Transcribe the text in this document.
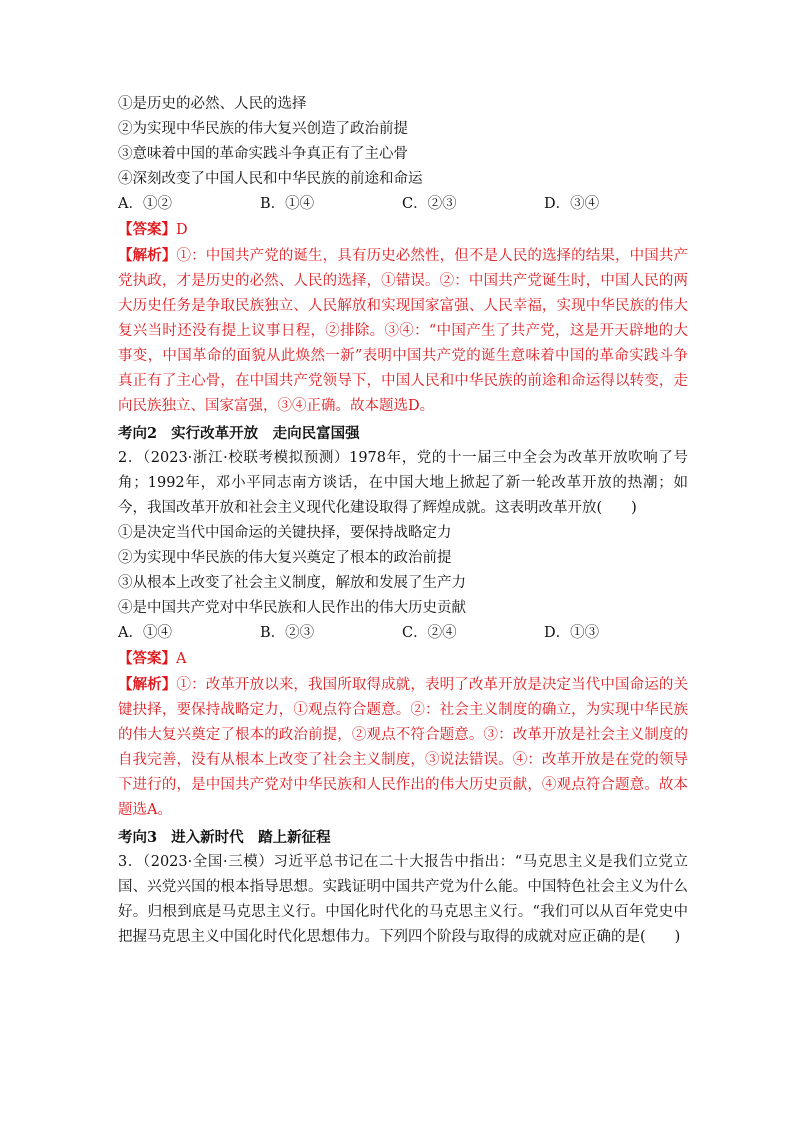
①是历史的必然、人民的选择
②为实现中华民族的伟大复兴创造了政治前提
③意味着中国的革命实践斗争真正有了主心骨
④深刻改变了中国人民和中华民族的前途和命运
A．①②	B．①④	C．②③	D．③④
【答案】D
【解析】①：中国共产党的诞生，具有历史必然性，但不是人民的选择的结果，中国共产党执政，才是历史的必然、人民的选择，①错误。②：中国共产党诞生时，中国人民的两大历史任务是争取民族独立、人民解放和实现国家富强、人民幸福，实现中华民族的伟大复兴当时还没有提上议事日程，②排除。③④：“中国产生了共产党，这是开天辟地的大事变，中国革命的面貌从此焕然一新”表明中国共产党的诞生意味着中国的革命实践斗争真正有了主心骨，在中国共产党领导下，中国人民和中华民族的前途和命运得以转变，走向民族独立、国家富强，③④正确。故本题选D。
考向2 实行改革开放　走向民富国强
2．（2023·浙江·校联考模拟预测）1978年，党的十一届三中全会为改革开放吹响了号角；1992年，邓小平同志南方谈话，在中国大地上掀起了新一轮改革开放的热潮；如今，我国改革开放和社会主义现代化建设取得了辉煌成就。这表明改革开放(　　)
①是决定当代中国命运的关键抉择，要保持战略定力
②为实现中华民族的伟大复兴奠定了根本的政治前提
③从根本上改变了社会主义制度，解放和发展了生产力
④是中国共产党对中华民族和人民作出的伟大历史贡献
A．①④	B．②③	C．②④	D．①③
【答案】A
【解析】①：改革开放以来，我国所取得成就，表明了改革开放是决定当代中国命运的关键抉择，要保持战略定力，①观点符合题意。②：社会主义制度的确立，为实现中华民族的伟大复兴奠定了根本的政治前提，②观点不符合题意。③：改革开放是社会主义制度的自我完善，没有从根本上改变了社会主义制度，③说法错误。④：改革开放是在党的领导下进行的，是中国共产党对中华民族和人民作出的伟大历史贡献，④观点符合题意。故本题选A。
考向3 进入新时代　踏上新征程
3．（2023·全国·三模）习近平总书记在二十大报告中指出：“马克思主义是我们立党立国、兴党兴国的根本指导思想。实践证明中国共产党为什么能。中国特色社会主义为什么好。归根到底是马克思主义行。中国化时代化的马克思主义行。“我们可以从百年党史中把握马克思主义中国化时代化思想伟力。下列四个阶段与取得的成就对应正确的是(　　)
